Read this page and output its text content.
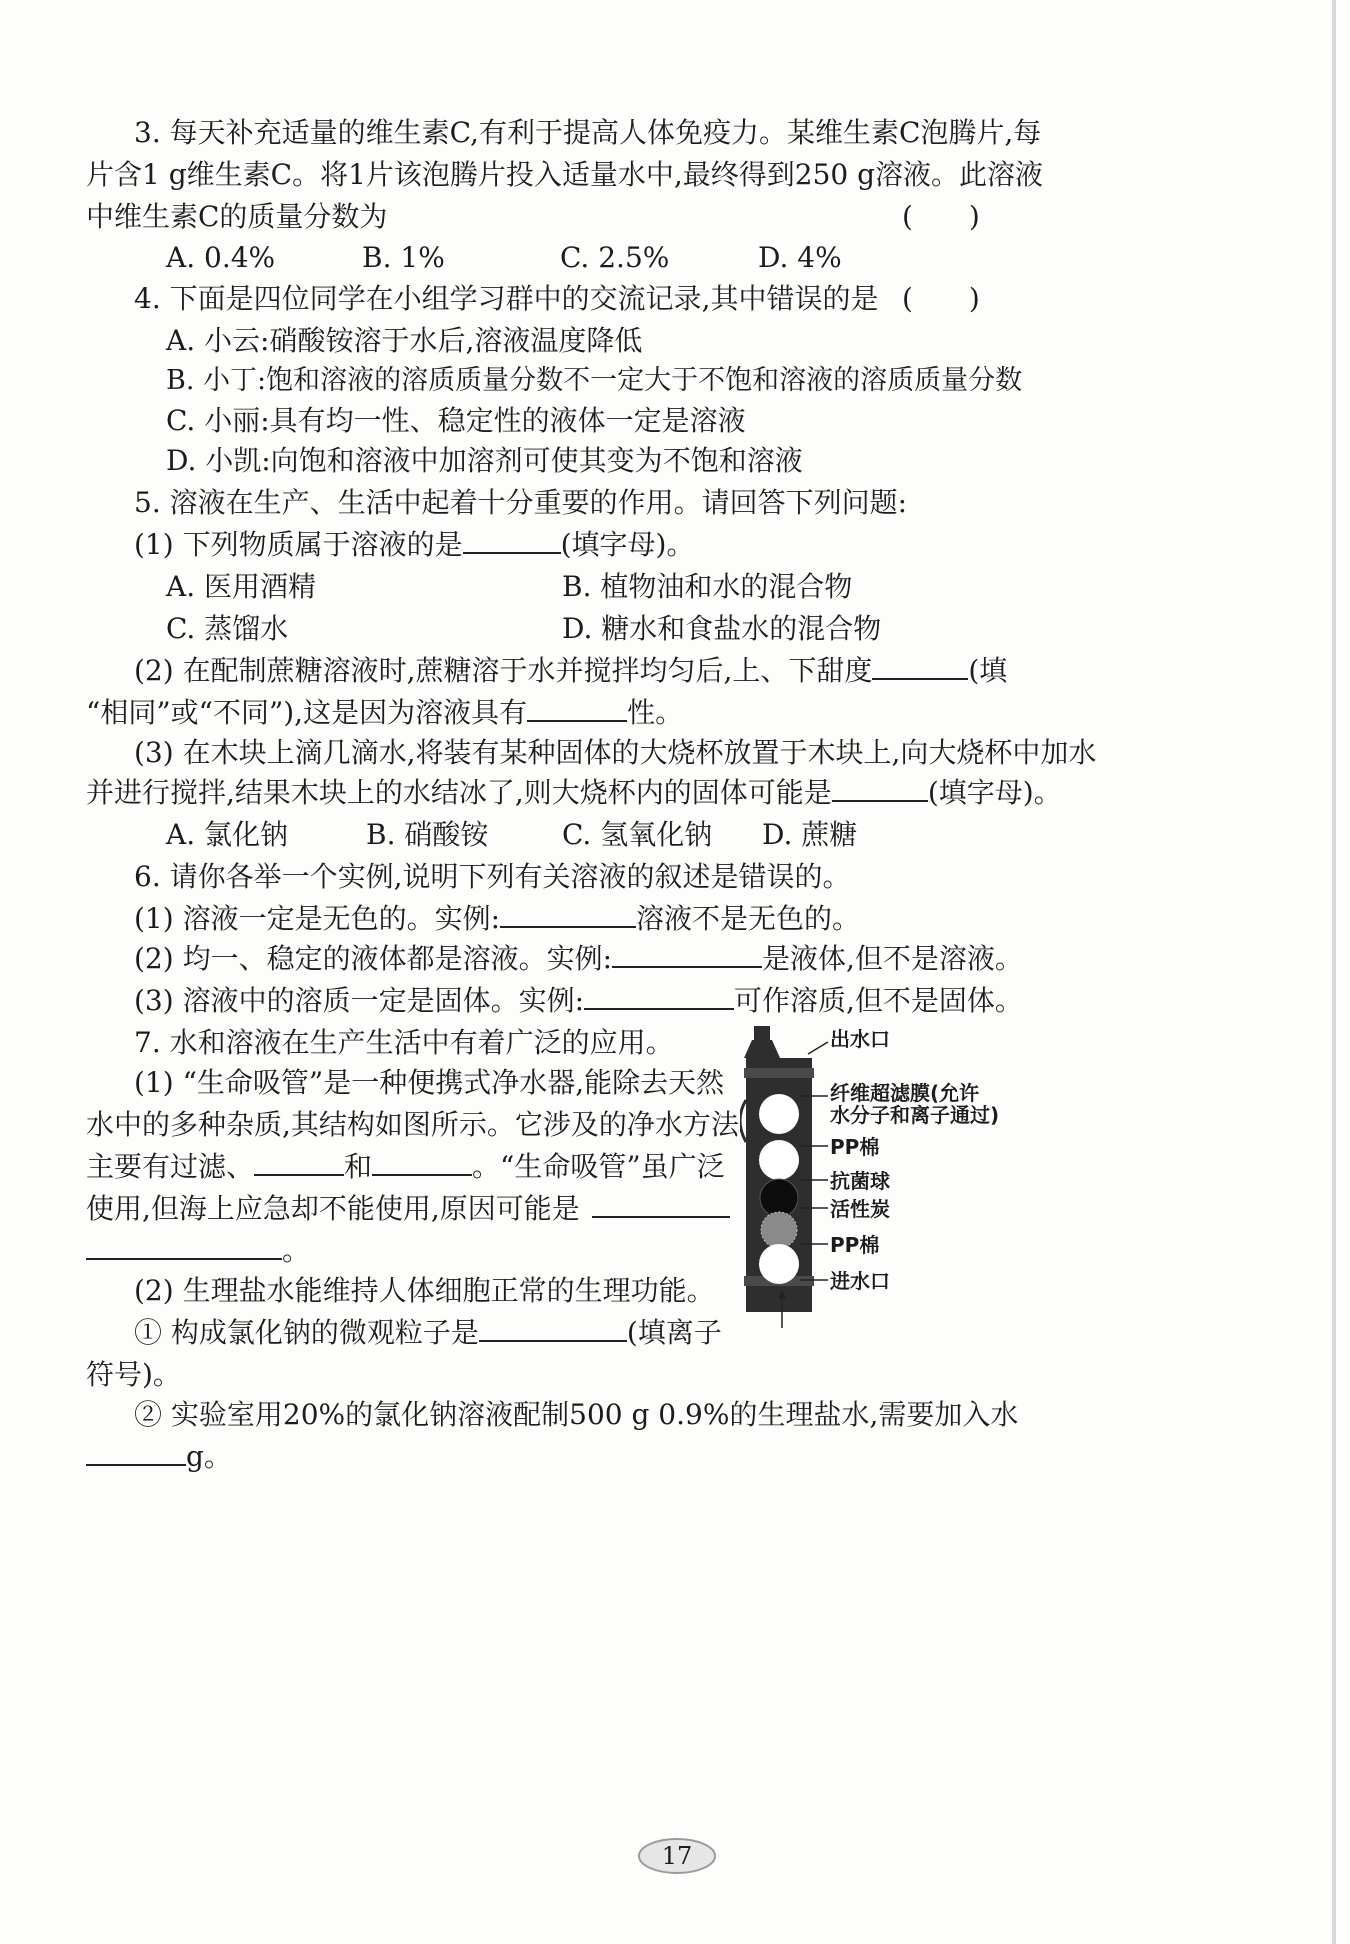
3. 每天补充适量的维生素C,有利于提高人体免疫力。某维生素C泡腾片,每
片含1 g维生素C。将1片该泡腾片投入适量水中,最终得到250 g溶液。此溶液
中维生素C的质量分数为	(　　)
A. 0.4%	B. 1%	C. 2.5%	D. 4%
4. 下面是四位同学在小组学习群中的交流记录,其中错误的是 (　　)
A. 小云:硝酸铵溶于水后,溶液温度降低
B. 小丁:饱和溶液的溶质质量分数不一定大于不饱和溶液的溶质质量分数
C. 小丽:具有均一性、稳定性的液体一定是溶液
D. 小凯:向饱和溶液中加溶剂可使其变为不饱和溶液
5. 溶液在生产、生活中起着十分重要的作用。请回答下列问题:
(1) 下列物质属于溶液的是	(填字母)。
A. 医用酒精	B. 植物油和水的混合物
C. 蒸馏水	D. 糖水和食盐水的混合物
(2) 在配制蔗糖溶液时,蔗糖溶于水并搅拌均匀后,上、下甜度	(填
“相同”或“不同”),这是因为溶液具有	性。
(3) 在木块上滴几滴水,将装有某种固体的大烧杯放置于木块上,向大烧杯中加水
并进行搅拌,结果木块上的水结冰了,则大烧杯内的固体可能是	(填字母)。
A. 氯化钠	B. 硝酸铵	C. 氢氧化钠 D. 蔗糖
6. 请你各举一个实例,说明下列有关溶液的叙述是错误的。
(1) 溶液一定是无色的。实例:	溶液不是无色的。
(2) 均一、稳定的液体都是溶液。实例:	是液体,但不是溶液。
(3) 溶液中的溶质一定是固体。实例:	可作溶质,但不是固体。
7. 水和溶液在生产生活中有着广泛的应用。
(1) “生命吸管”是一种便携式净水器,能除去天然
水中的多种杂质,其结构如图所示。它涉及的净水方法
主要有过滤、	和	。“生命吸管”虽广泛
使用,但海上应急却不能使用,原因可能是
。
(2) 生理盐水能维持人体细胞正常的生理功能。
① 构成氯化钠的微观粒子是	(填离子
符号)。
② 实验室用20%的氯化钠溶液配制500 g 0.9%的生理盐水,需要加入水
g。
出水口
纤维超滤膜(允许
水分子和离子通过)
PP棉
抗菌球
活性炭
PP棉
进水口
17
